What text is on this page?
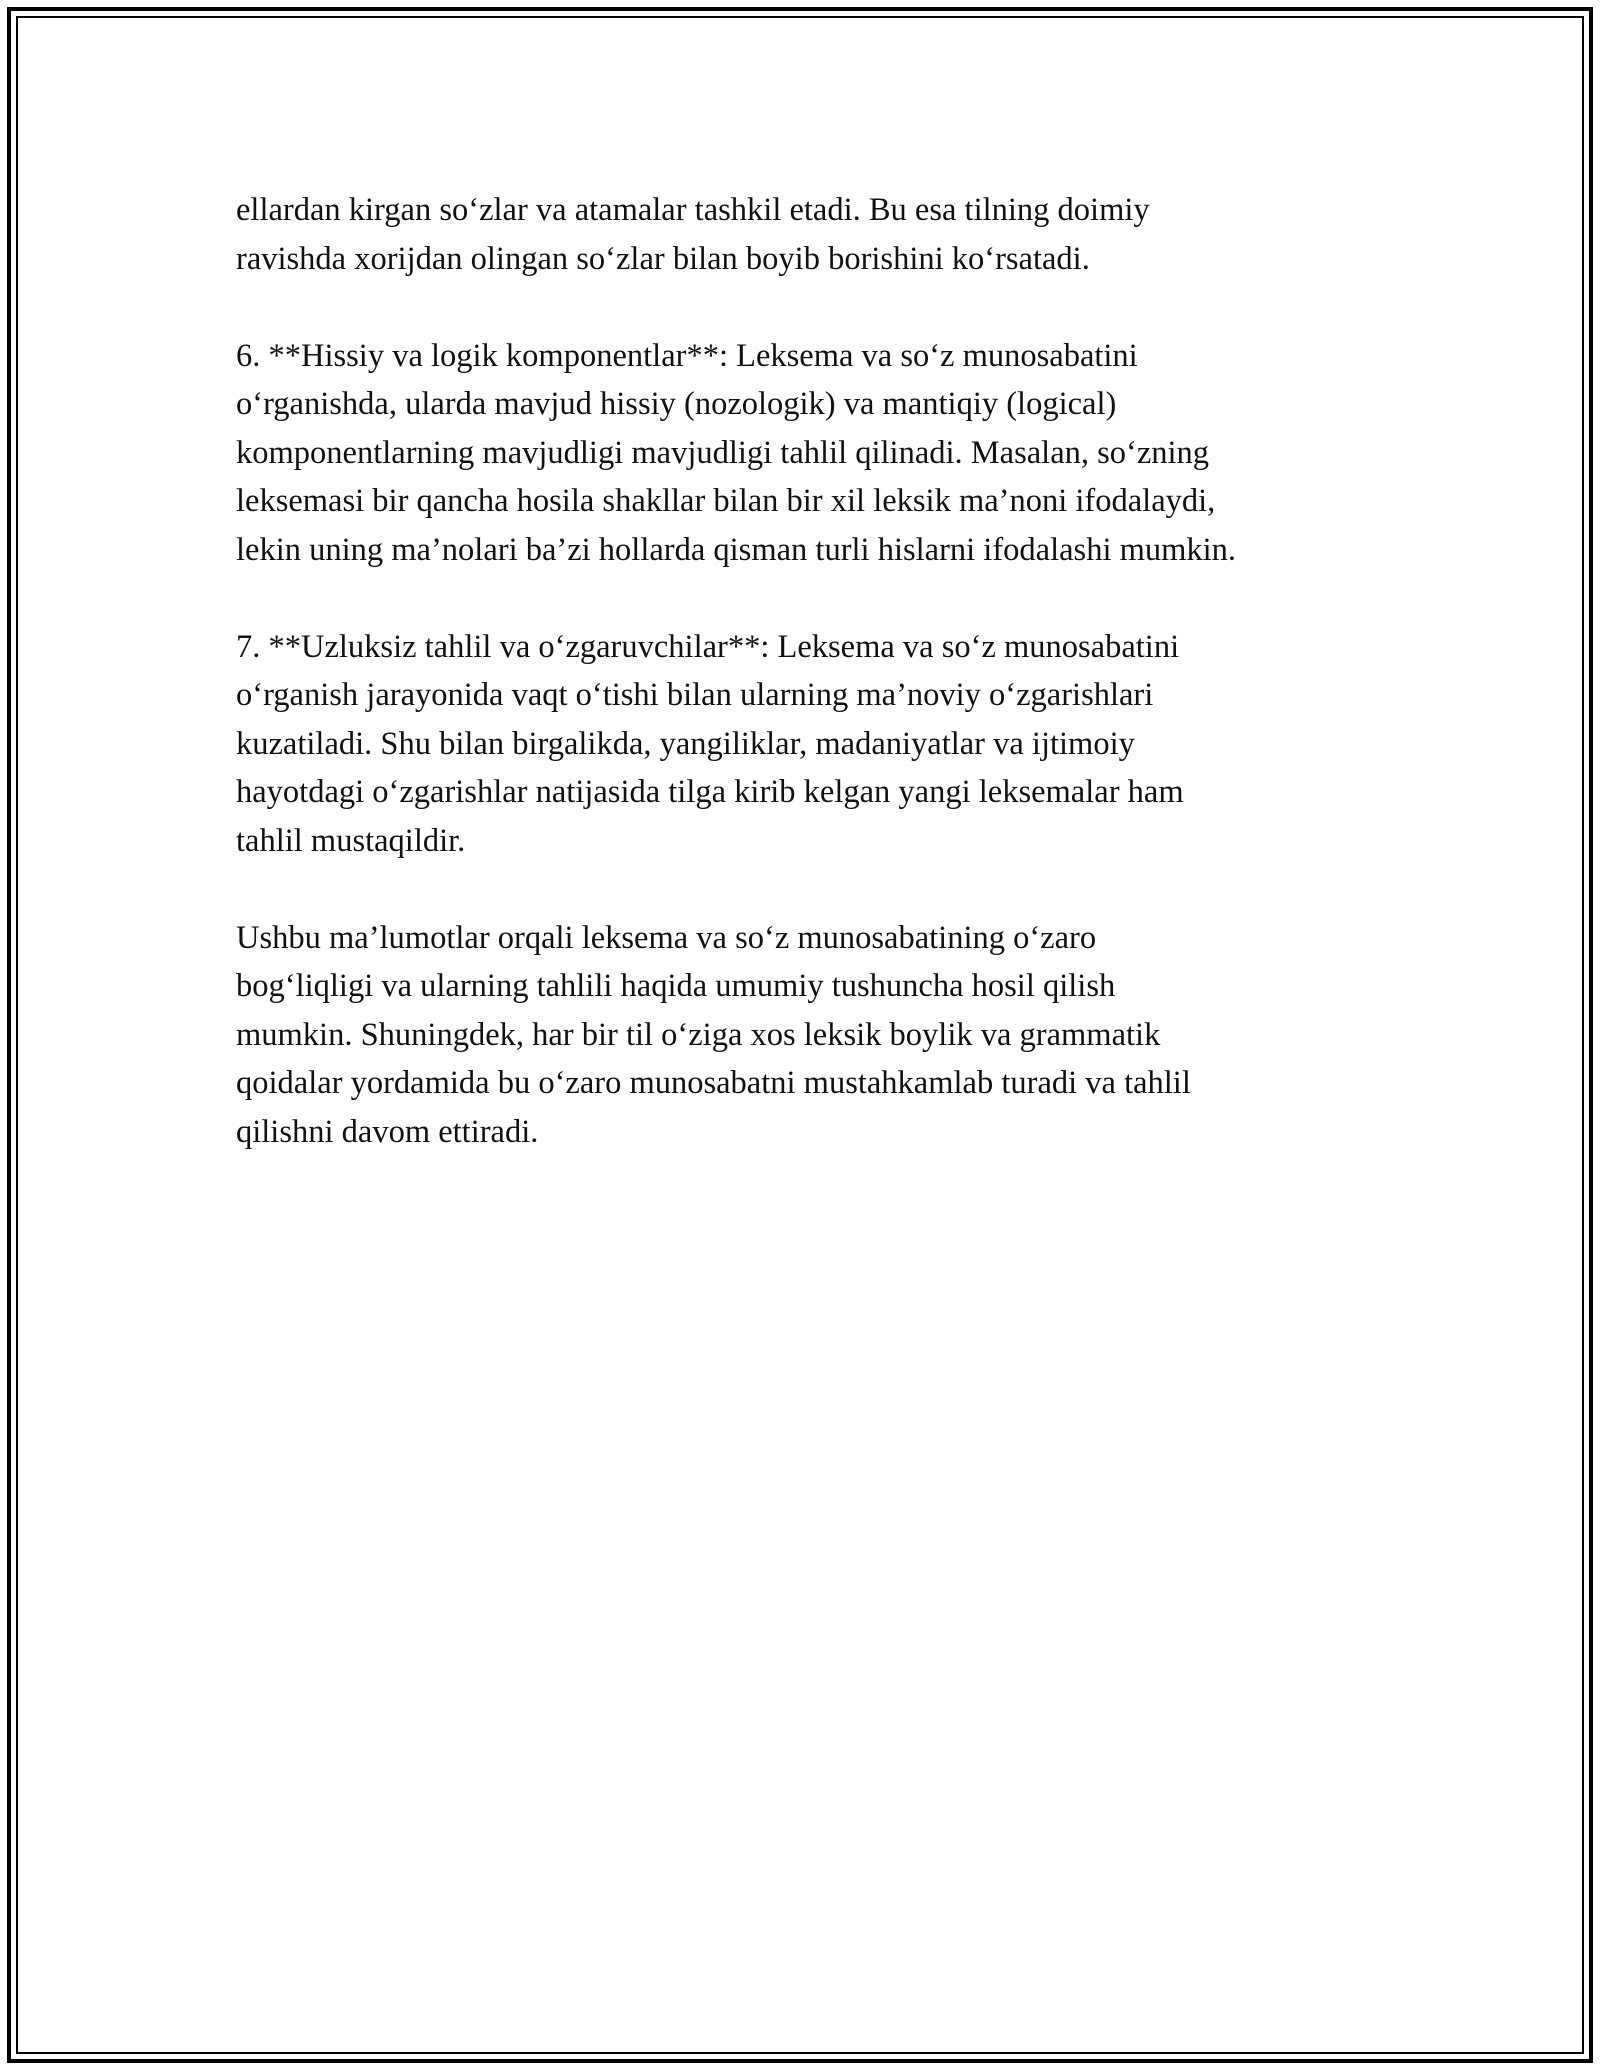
ellardan kirgan so‘zlar va atamalar tashkil etadi. Bu esa tilning doimiy
ravishda xorijdan olingan so‘zlar bilan boyib borishini ko‘rsatadi.
6. **Hissiy va logik komponentlar**: Leksema va so‘z munosabatini
o‘rganishda, ularda mavjud hissiy (nozologik) va mantiqiy (logical)
komponentlarning mavjudligi mavjudligi tahlil qilinadi. Masalan, so‘zning
leksemasi bir qancha hosila shakllar bilan bir xil leksik ma’noni ifodalaydi,
lekin uning ma’nolari ba’zi hollarda qisman turli hislarni ifodalashi mumkin.
7. **Uzluksiz tahlil va o‘zgaruvchilar**: Leksema va so‘z munosabatini
o‘rganish jarayonida vaqt o‘tishi bilan ularning ma’noviy o‘zgarishlari
kuzatiladi. Shu bilan birgalikda, yangiliklar, madaniyatlar va ijtimoiy
hayotdagi o‘zgarishlar natijasida tilga kirib kelgan yangi leksemalar ham
tahlil mustaqildir.
Ushbu ma’lumotlar orqali leksema va so‘z munosabatining o‘zaro
bog‘liqligi va ularning tahlili haqida umumiy tushuncha hosil qilish
mumkin. Shuningdek, har bir til o‘ziga xos leksik boylik va grammatik
qoidalar yordamida bu o‘zaro munosabatni mustahkamlab turadi va tahlil
qilishni davom ettiradi.
